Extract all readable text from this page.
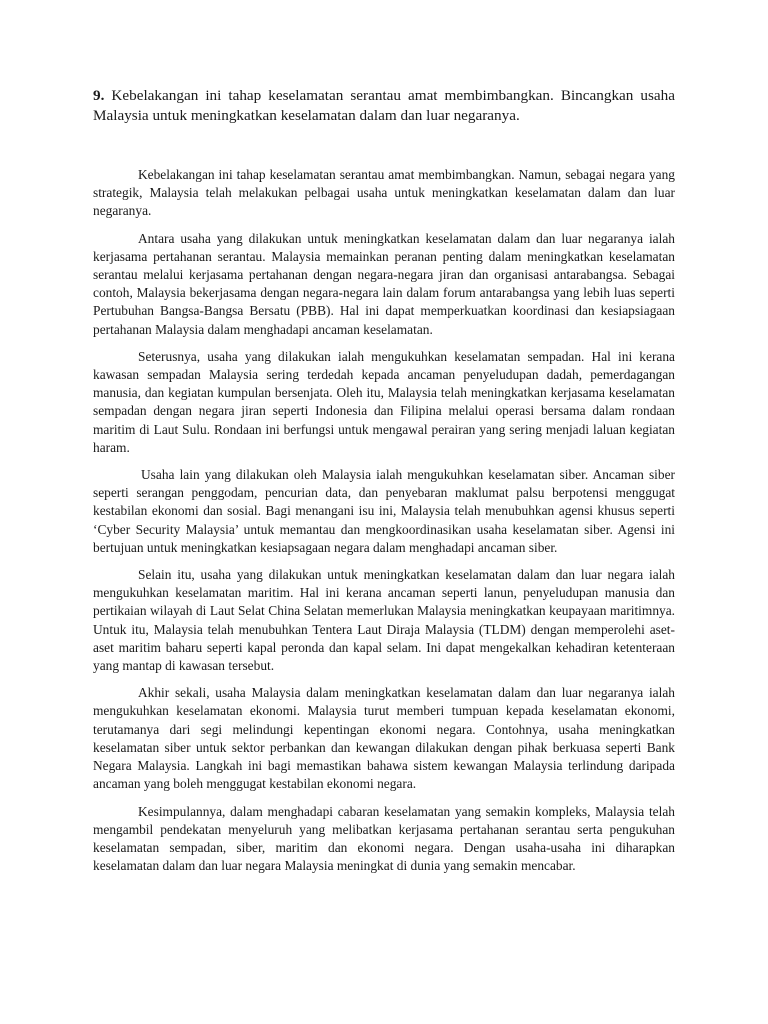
9. Kebelakangan ini tahap keselamatan serantau amat membimbangkan. Bincangkan usaha Malaysia untuk meningkatkan keselamatan dalam dan luar negaranya.

Kebelakangan ini tahap keselamatan serantau amat membimbangkan. Namun, sebagai negara yang strategik, Malaysia telah melakukan pelbagai usaha untuk meningkatkan keselamatan dalam dan luar negaranya.

Antara usaha yang dilakukan untuk meningkatkan keselamatan dalam dan luar negaranya ialah kerjasama pertahanan serantau. Malaysia memainkan peranan penting dalam meningkatkan keselamatan serantau melalui kerjasama pertahanan dengan negara-negara jiran dan organisasi antarabangsa. Sebagai contoh, Malaysia bekerjasama dengan negara-negara lain dalam forum antarabangsa yang lebih luas seperti Pertubuhan Bangsa-Bangsa Bersatu (PBB). Hal ini dapat memperkuatkan koordinasi dan kesiapsiagaan pertahanan Malaysia dalam menghadapi ancaman keselamatan.

Seterusnya, usaha yang dilakukan ialah mengukuhkan keselamatan sempadan. Hal ini kerana kawasan sempadan Malaysia sering terdedah kepada ancaman penyeludupan dadah, pemerdagangan manusia, dan kegiatan kumpulan bersenjata. Oleh itu, Malaysia telah meningkatkan kerjasama keselamatan sempadan dengan negara jiran seperti Indonesia dan Filipina melalui operasi bersama dalam rondaan maritim di Laut Sulu. Rondaan ini berfungsi untuk mengawal perairan yang sering menjadi laluan kegiatan haram.

Usaha lain yang dilakukan oleh Malaysia ialah mengukuhkan keselamatan siber. Ancaman siber seperti serangan penggodam, pencurian data, dan penyebaran maklumat palsu berpotensi menggugat kestabilan ekonomi dan sosial. Bagi menangani isu ini, Malaysia telah menubuhkan agensi khusus seperti ‘Cyber Security Malaysia’ untuk memantau dan mengkoordinasikan usaha keselamatan siber. Agensi ini bertujuan untuk meningkatkan kesiapsagaan negara dalam menghadapi ancaman siber.

Selain itu, usaha yang dilakukan untuk meningkatkan keselamatan dalam dan luar negara ialah mengukuhkan keselamatan maritim. Hal ini kerana ancaman seperti lanun, penyeludupan manusia dan pertikaian wilayah di Laut Selat China Selatan memerlukan Malaysia meningkatkan keupayaan maritimnya. Untuk itu, Malaysia telah menubuhkan Tentera Laut Diraja Malaysia (TLDM) dengan memperolehi aset-aset maritim baharu seperti kapal peronda dan kapal selam. Ini dapat mengekalkan kehadiran ketenteraan yang mantap di kawasan tersebut.

Akhir sekali, usaha Malaysia dalam meningkatkan keselamatan dalam dan luar negaranya ialah mengukuhkan keselamatan ekonomi. Malaysia turut memberi tumpuan kepada keselamatan ekonomi, terutamanya dari segi melindungi kepentingan ekonomi negara. Contohnya, usaha meningkatkan keselamatan siber untuk sektor perbankan dan kewangan dilakukan dengan pihak berkuasa seperti Bank Negara Malaysia. Langkah ini bagi memastikan bahawa sistem kewangan Malaysia terlindung daripada ancaman yang boleh menggugat kestabilan ekonomi negara.

Kesimpulannya, dalam menghadapi cabaran keselamatan yang semakin kompleks, Malaysia telah mengambil pendekatan menyeluruh yang melibatkan kerjasama pertahanan serantau serta pengukuhan keselamatan sempadan, siber, maritim dan ekonomi negara. Dengan usaha-usaha ini diharapkan keselamatan dalam dan luar negara Malaysia meningkat di dunia yang semakin mencabar.
